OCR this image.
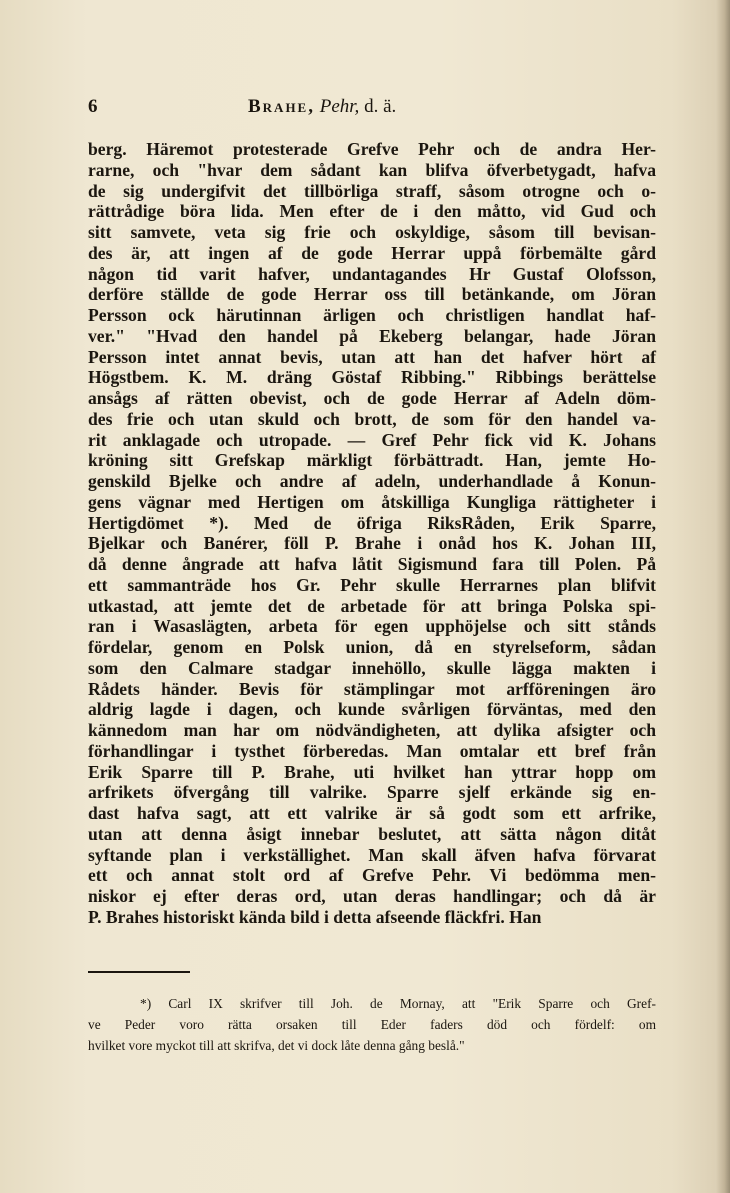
6	Brahe, Pehr, d. ä.
berg. Häremot protesterade Grefve Pehr och de andra Her-
rarne, och "hvar dem sådant kan blifva öfverbetygadt, hafva
de sig undergifvit det tillbörliga straff, såsom otrogne och o-
rättrådige böra lida. Men efter de i den måtto, vid Gud och
sitt samvete, veta sig frie och oskyldige, såsom till bevisan-
des är, att ingen af de gode Herrar uppå förbemälte gård
någon tid varit hafver, undantagandes Hr Gustaf Olofsson,
derföre ställde de gode Herrar oss till betänkande, om Jöran
Persson ock härutinnan ärligen och christligen handlat haf-
ver." "Hvad den handel på Ekeberg belangar, hade Jöran
Persson intet annat bevis, utan att han det hafver hört af
Högstbem. K. M. dräng Göstaf Ribbing." Ribbings berättelse
ansågs af rätten obevist, och de gode Herrar af Adeln döm-
des frie och utan skuld och brott, de som för den handel va-
rit anklagade och utropade. — Gref Pehr fick vid K. Johans
kröning sitt Grefskap märkligt förbättradt. Han, jemte Ho-
genskild Bjelke och andre af adeln, underhandlade å Konun-
gens vägnar med Hertigen om åtskilliga Kungliga rättigheter i
Hertigdömet *). Med de öfriga RiksRåden, Erik Sparre,
Bjelkar och Banérer, föll P. Brahe i onåd hos K. Johan III,
då denne ångrade att hafva låtit Sigismund fara till Polen. På
ett sammanträde hos Gr. Pehr skulle Herrarnes plan blifvit
utkastad, att jemte det de arbetade för att bringa Polska spi-
ran i Wasaslägten, arbeta för egen upphöjelse och sitt stånds
fördelar, genom en Polsk union, då en styrelseform, sådan
som den Calmare stadgar innehöllo, skulle lägga makten i
Rådets händer. Bevis för stämplingar mot arfföreningen äro
aldrig lagde i dagen, och kunde svårligen förväntas, med den
kännedom man har om nödvändigheten, att dylika afsigter och
förhandlingar i tysthet förberedas. Man omtalar ett bref från
Erik Sparre till P. Brahe, uti hvilket han yttrar hopp om
arfrikets öfvergång till valrike. Sparre sjelf erkände sig en-
dast hafva sagt, att ett valrike är så godt som ett arfrike,
utan att denna åsigt innebar beslutet, att sätta någon ditåt
syftande plan i verkställighet. Man skall äfven hafva förvarat
ett och annat stolt ord af Grefve Pehr. Vi bedömma men-
niskor ej efter deras ord, utan deras handlingar; och då är
P. Brahes historiskt kända bild i detta afseende fläckfri. Han
*) Carl IX skrifver till Joh. de Mornay, att "Erik Sparre och Gref-
ve Peder voro rätta orsaken till Eder faders död och fördelf: om
hvilket vore myckot till att skrifva, det vi dock låte denna gång beslå."
